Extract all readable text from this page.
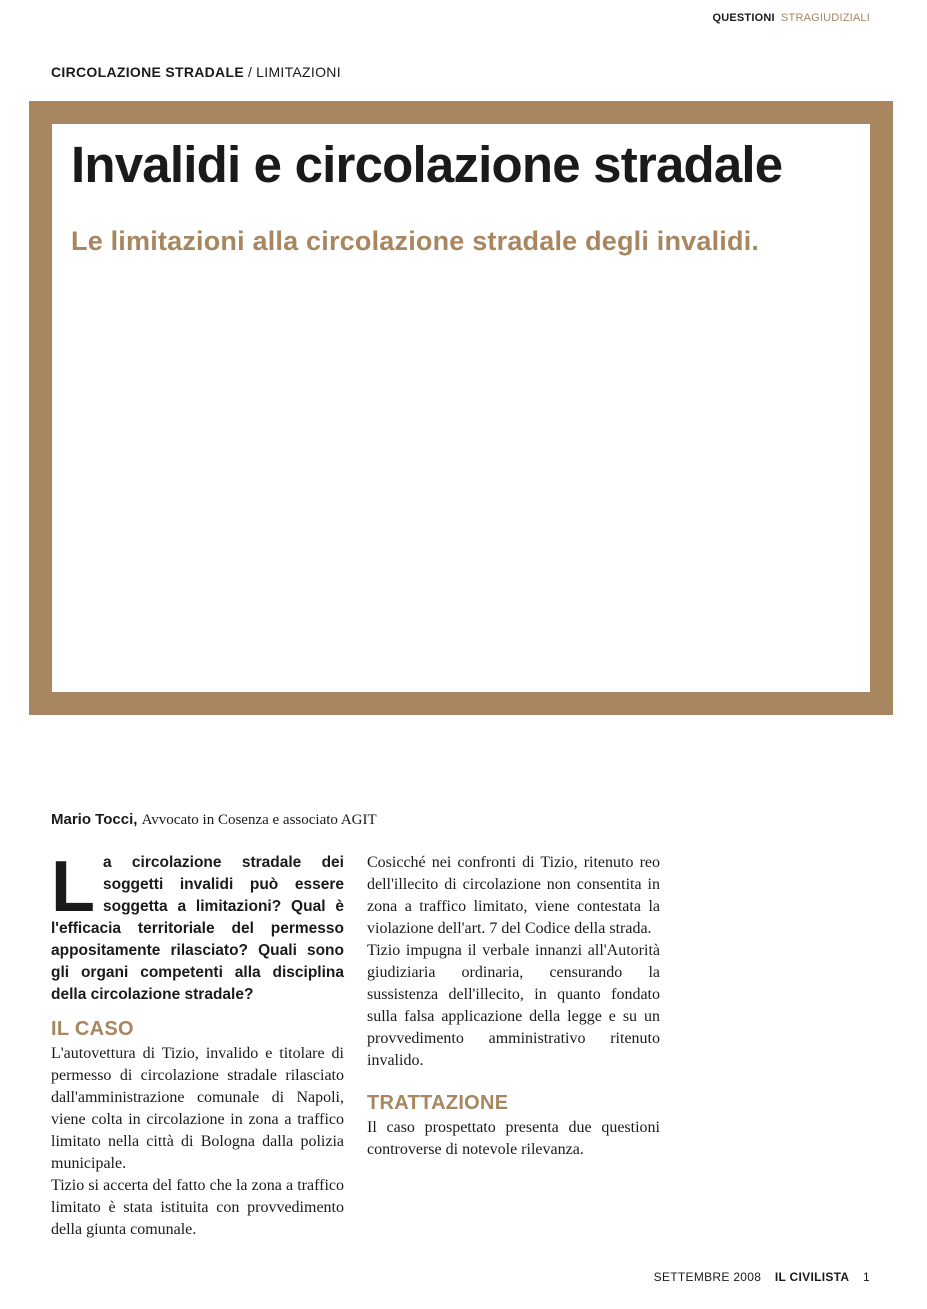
QUESTIONI STRAGIUDIZIALI
CIRCOLAZIONE STRADALE / LIMITAZIONI
Invalidi e circolazione stradale
Le limitazioni alla circolazione stradale degli invalidi.
Mario Tocci, Avvocato in Cosenza e associato AGIT

La circolazione stradale dei soggetti invalidi può essere soggetta a limitazioni? Qual è l'efficacia territoriale del permesso appositamente rilasciato? Quali sono gli organi competenti alla disciplina della circolazione stradale?

IL CASO

L'autovettura di Tizio, invalido e titolare di permesso di circolazione stradale rilasciato dall'amministrazione comunale di Napoli, viene colta in circolazione in zona a traffico limitato nella città di Bologna dalla polizia municipale.

Tizio si accerta del fatto che la zona a traffico limitato è stata istituita con provvedimento della giunta comunale.

Cosicché nei confronti di Tizio, ritenuto reo dell'illecito di circolazione non consentita in zona a traffico limitato, viene contestata la violazione dell'art. 7 del Codice della strada.

Tizio impugna il verbale innanzi all'Autorità giudiziaria ordinaria, censurando la sussistenza dell'illecito, in quanto fondato sulla falsa applicazione della legge e su un provvedimento amministrativo ritenuto invalido.

TRATTAZIONE

Il caso prospettato presenta due questioni controverse di notevole rilevanza.

SETTEMBRE 2008 IL CIVILISTA 1
